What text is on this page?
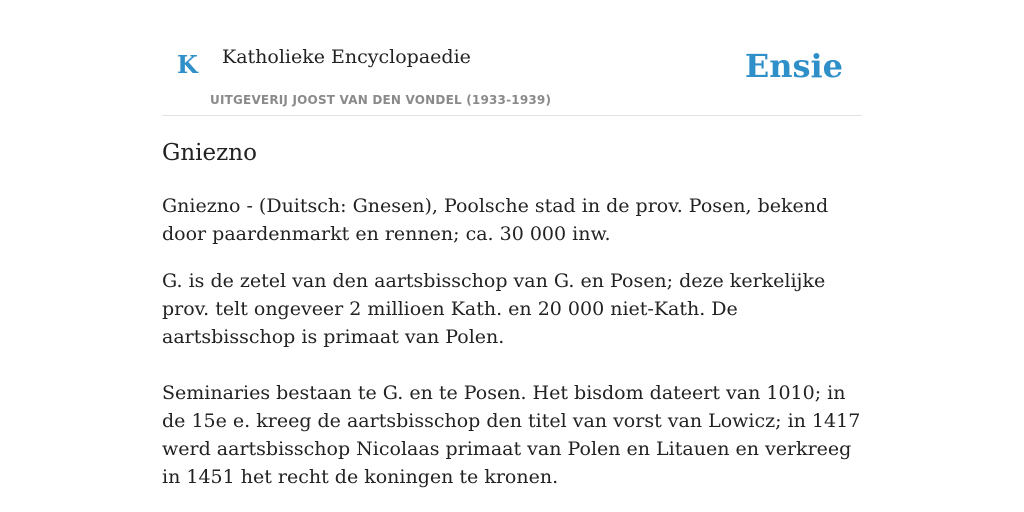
K Katholieke Encyclopaedie
UITGEVERIJ JOOST VAN DEN VONDEL (1933-1939)
Ensie
Gniezno

Gniezno - (Duitsch: Gnesen), Poolsche stad in de prov. Posen, bekend door paardenmarkt en rennen; ca. 30 000 inw.

G. is de zetel van den aartsbisschop van G. en Posen; deze kerkelijke prov. telt ongeveer 2 millioen Kath. en 20 000 niet-Kath. De aartsbisschop is primaat van Polen.

Seminaries bestaan te G. en te Posen. Het bisdom dateert van 1010; in de 15e e. kreeg de aartsbisschop den titel van vorst van Lowicz; in 1417 werd aartsbisschop Nicolaas primaat van Polen en Litauen en verkreeg in 1451 het recht de koningen te kronen.
